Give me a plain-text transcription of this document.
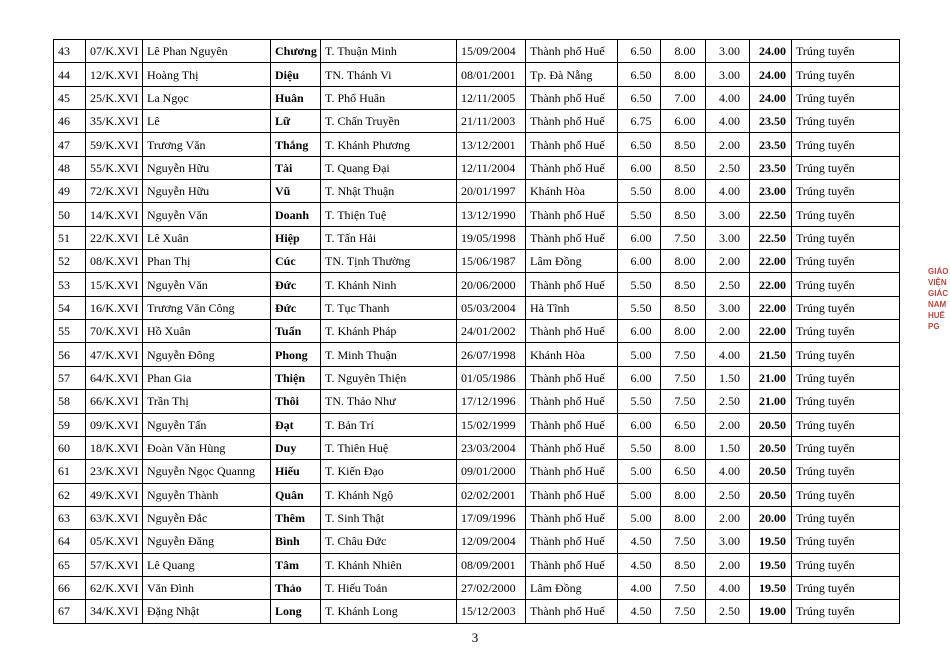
43	07/K.XVI	Lê Phan Nguyên	Chương	T. Thuận Minh	15/09/2004	Thành phố Huế	6.50	8.00	3.00	24.00	Trúng tuyển
44	12/K.XVI	Hoàng Thị	Diệu	TN. Thánh Vi	08/01/2001	Tp. Đà Nẵng	6.50	8.00	3.00	24.00	Trúng tuyển
45	25/K.XVI	La Ngọc	Huân	T. Phổ Huân	12/11/2005	Thành phố Huế	6.50	7.00	4.00	24.00	Trúng tuyển
46	35/K.XVI	Lê	Lữ	T. Chấn Truyền	21/11/2003	Thành phố Huế	6.75	6.00	4.00	23.50	Trúng tuyển
47	59/K.XVI	Trương Văn	Thắng	T. Khánh Phương	13/12/2001	Thành phố Huế	6.50	8.50	2.00	23.50	Trúng tuyển
48	55/K.XVI	Nguyễn Hữu	Tài	T. Quang Đại	12/11/2004	Thành phố Huế	6.00	8.50	2.50	23.50	Trúng tuyển
49	72/K.XVI	Nguyễn Hữu	Vũ	T. Nhật Thuận	20/01/1997	Khánh Hòa	5.50	8.00	4.00	23.00	Trúng tuyển
50	14/K.XVI	Nguyễn Văn	Doanh	T. Thiện Tuệ	13/12/1990	Thành phố Huế	5.50	8.50	3.00	22.50	Trúng tuyển
51	22/K.XVI	Lê Xuân	Hiệp	T. Tấn Hải	19/05/1998	Thành phố Huế	6.00	7.50	3.00	22.50	Trúng tuyển
52	08/K.XVI	Phan Thị	Cúc	TN. Tịnh Thường	15/06/1987	Lâm Đồng	6.00	8.00	2.00	22.00	Trúng tuyển
53	15/K.XVI	Nguyễn Văn	Đức	T. Khánh Ninh	20/06/2000	Thành phố Huế	5.50	8.50	2.50	22.00	Trúng tuyển
54	16/K.XVI	Trương Văn Công	Đức	T. Tục Thanh	05/03/2004	Hà Tĩnh	5.50	8.50	3.00	22.00	Trúng tuyển
55	70/K.XVI	Hồ Xuân	Tuấn	T. Khánh Pháp	24/01/2002	Thành phố Huế	6.00	8.00	2.00	22.00	Trúng tuyển
56	47/K.XVI	Nguyễn Đông	Phong	T. Minh Thuận	26/07/1998	Khánh Hòa	5.00	7.50	4.00	21.50	Trúng tuyển
57	64/K.XVI	Phan Gia	Thiện	T. Nguyên Thiện	01/05/1986	Thành phố Huế	6.00	7.50	1.50	21.00	Trúng tuyển
58	66/K.XVI	Trần Thị	Thôi	TN. Thảo Như	17/12/1996	Thành phố Huế	5.50	7.50	2.50	21.00	Trúng tuyển
59	09/K.XVI	Nguyễn Tấn	Đạt	T. Bản Trí	15/02/1999	Thành phố Huế	6.00	6.50	2.00	20.50	Trúng tuyển
60	18/K.XVI	Đoàn Văn Hùng	Duy	T. Thiên Huệ	23/03/2004	Thành phố Huế	5.50	8.00	1.50	20.50	Trúng tuyển
61	23/K.XVI	Nguyễn Ngọc Quanng	Hiếu	T. Kiến Đạo	09/01/2000	Thành phố Huế	5.00	6.50	4.00	20.50	Trúng tuyển
62	49/K.XVI	Nguyễn Thành	Quân	T. Khánh Ngộ	02/02/2001	Thành phố Huế	5.00	8.00	2.50	20.50	Trúng tuyển
63	63/K.XVI	Nguyễn Đắc	Thêm	T. Sinh Thật	17/09/1996	Thành phố Huế	5.00	8.00	2.00	20.00	Trúng tuyển
64	05/K.XVI	Nguyễn Đăng	Bình	T. Châu Đức	12/09/2004	Thành phố Huế	4.50	7.50	3.00	19.50	Trúng tuyển
65	57/K.XVI	Lê Quang	Tâm	T. Khánh Nhiên	08/09/2001	Thành phố Huế	4.50	8.50	2.00	19.50	Trúng tuyển
66	62/K.XVI	Văn Đình	Thảo	T. Hiếu Toản	27/02/2000	Lâm Đồng	4.00	7.50	4.00	19.50	Trúng tuyển
67	34/K.XVI	Đặng Nhật	Long	T. Khánh Long	15/12/2003	Thành phố Huế	4.50	7.50	2.50	19.00	Trúng tuyển
3
GIÁO
VIỆN
GIÁC
NAM
HUẾ
PG
